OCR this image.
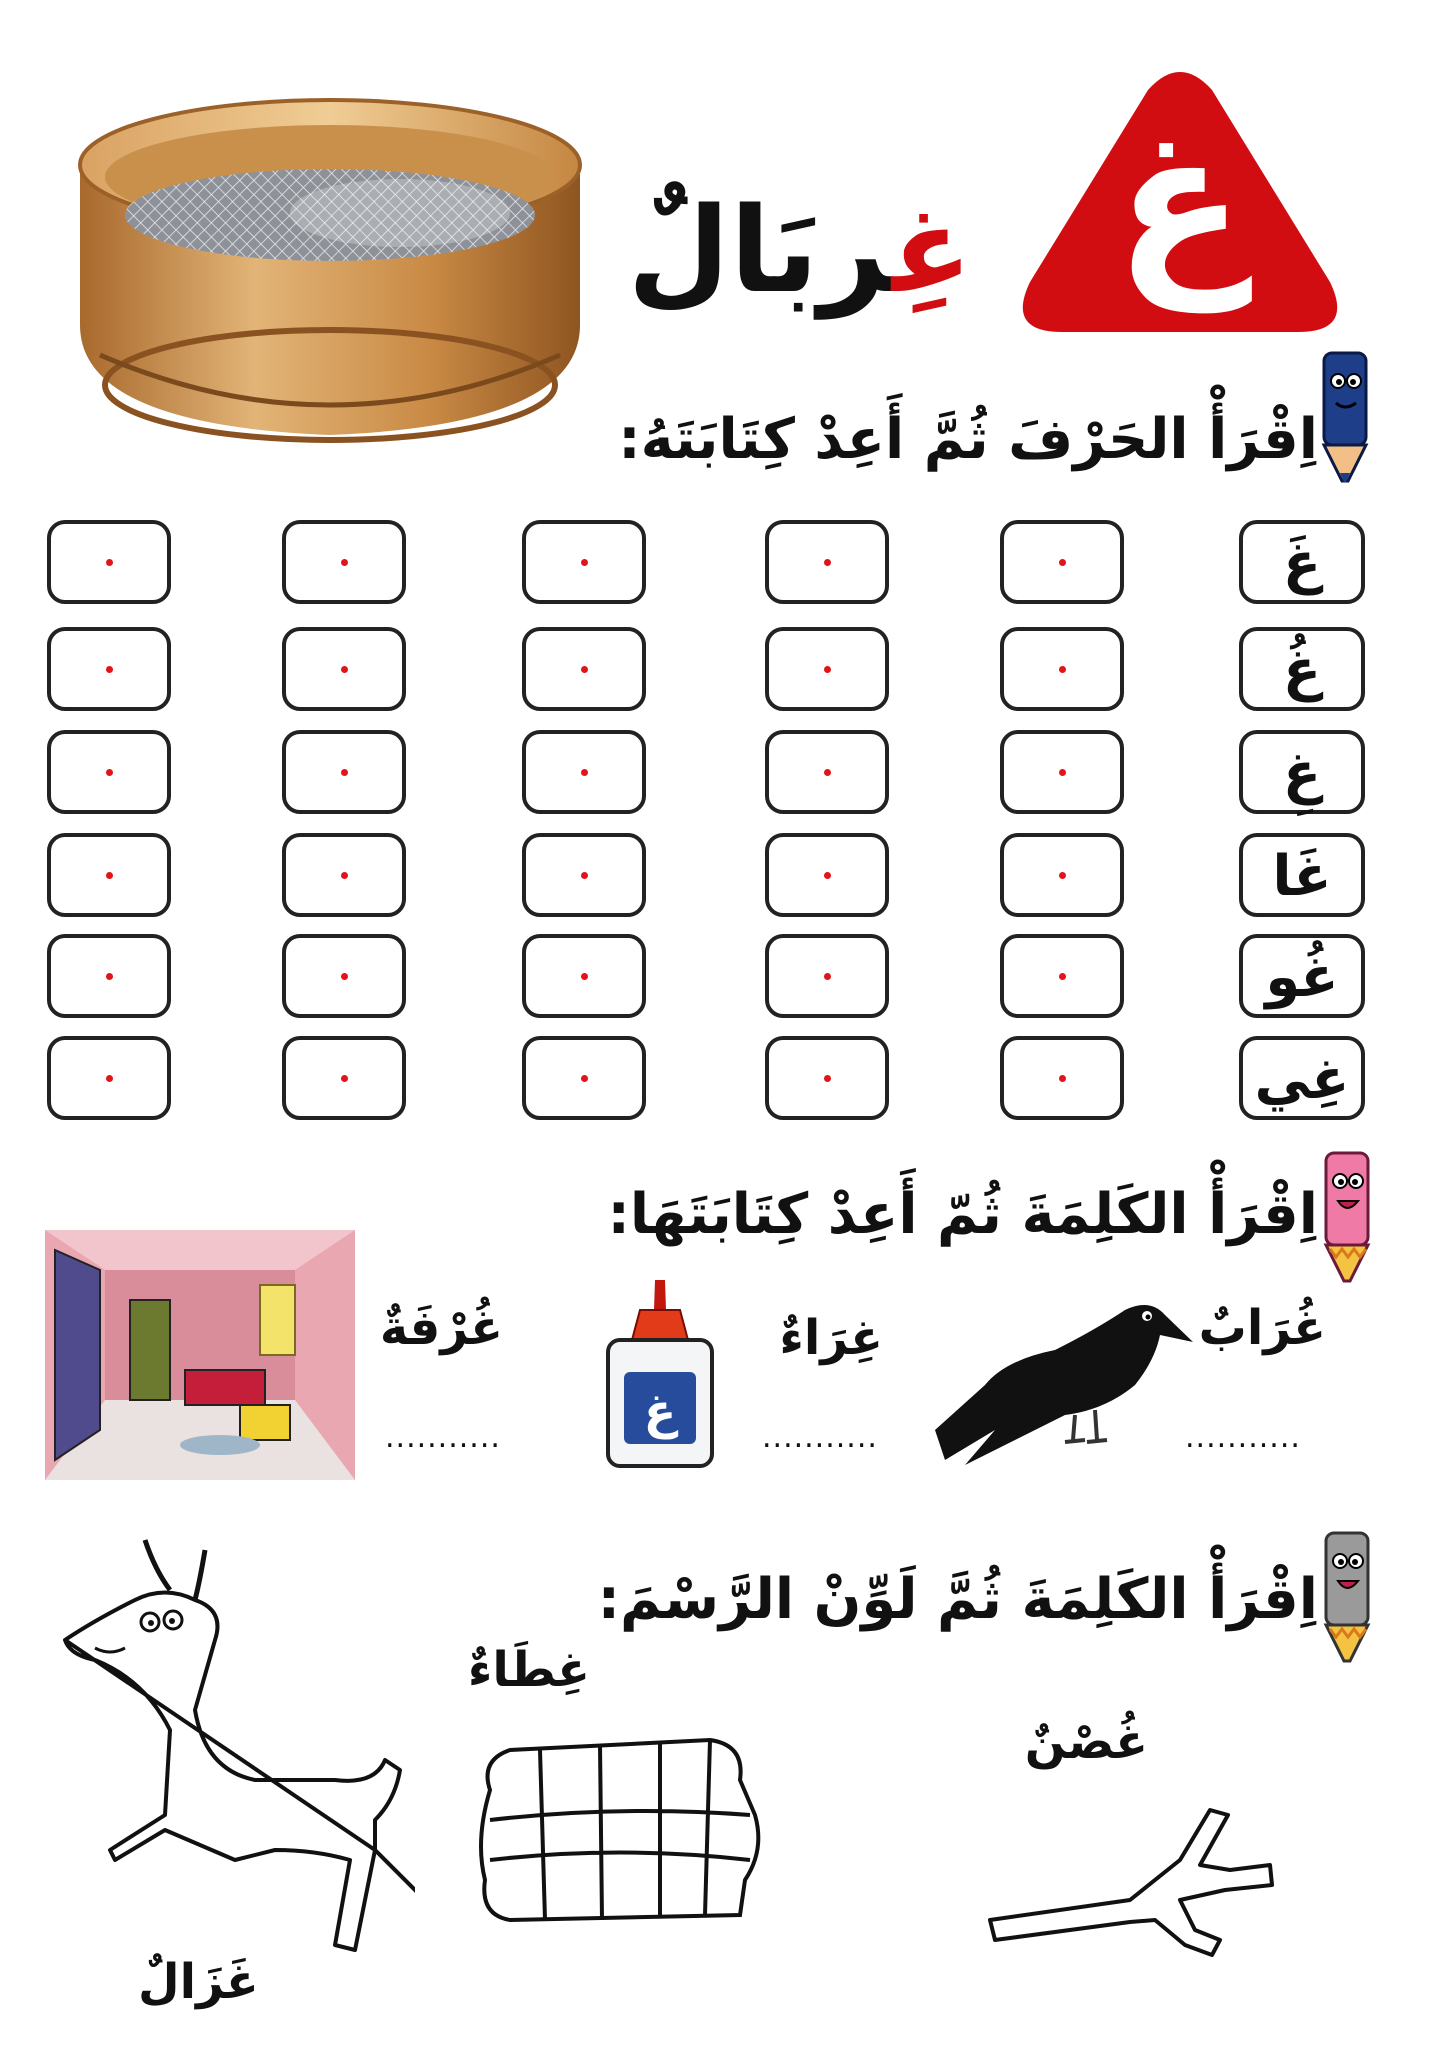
غ
غِربَالٌ
اِقْرَأْ الحَرْفَ ثُمَّ أَعِدْ كِتَابَتَهُ:
غَ
غُ
غِ
غَا
غُو
غِي
اِقْرَأْ الكَلِمَةَ ثُمّ أَعِدْ كِتَابَتَهَا:
غُرَابٌ
...........
غ
غِرَاءٌ
...........
غُرْفَةٌ
...........
اِقْرَأْ الكَلِمَةَ ثُمَّ لَوِّنْ الرَّسْمَ:
غُصْنٌ
غِطَاءٌ
غَزَالٌ
